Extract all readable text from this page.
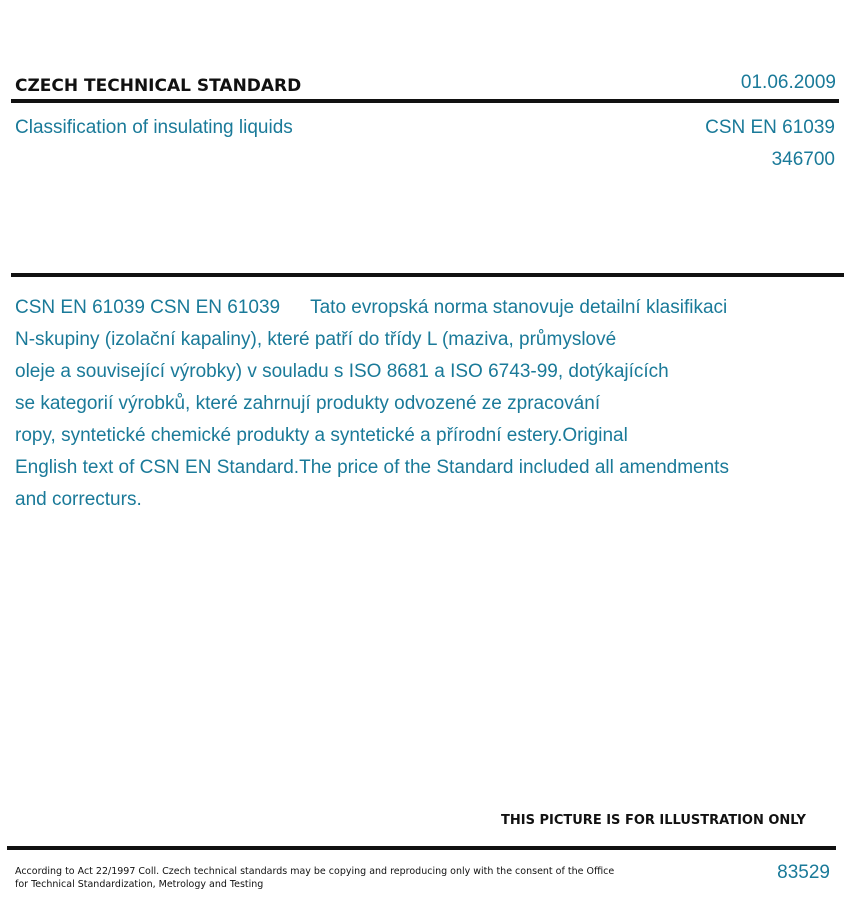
CZECH TECHNICAL STANDARD	01.06.2009
Classification of insulating liquids	CSN EN 61039
346700
CSN EN 61039 CSN EN 61039 Tato evropská norma stanovuje detailní klasifikaci
N-skupiny (izolační kapaliny), které patří do třídy L (maziva, průmyslové
oleje a související výrobky) v souladu s ISO 8681 a ISO 6743-99, dotýkajících
se kategorií výrobků, které zahrnují produkty odvozené ze zpracování
ropy, syntetické chemické produkty a syntetické a přírodní estery.Original
English text of CSN EN Standard.The price of the Standard included all amendments
and correcturs.
THIS PICTURE IS FOR ILLUSTRATION ONLY
According to Act 22/1997 Coll. Czech technical standards may be copying and reproducing only with the consent of the Office
for Technical Standardization, Metrology and Testing
83529
